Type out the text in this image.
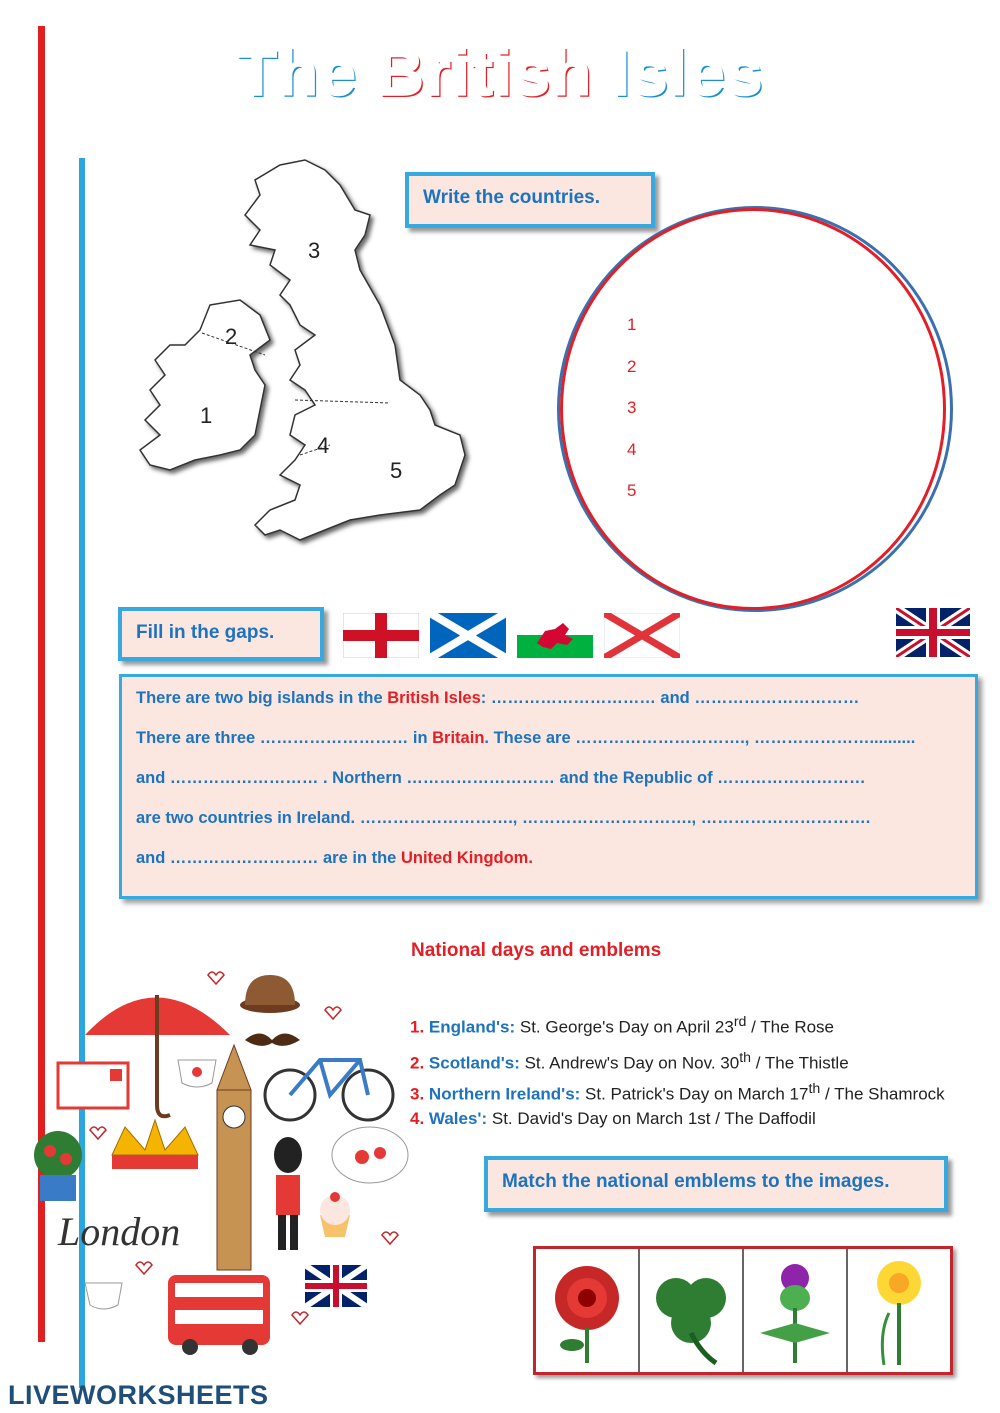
The British Isles
1
2
3
4
5
Write the countries.
1
2
3
4
5
Fill in the gaps.

There are two big islands in the British Isles: ………………………… and …………………………

There are three ……………………… in Britain. These are …………………………., …………………..........

and ……………………… . Northern ……………………… and the Republic of ………………………

are two countries in Ireland. ………………………., …………………………., ………………………….

and ……………………… are in the United Kingdom.

National days and emblems
1. England's: St. George's Day on April 23rd / The Rose
2. Scotland's: St. Andrew's Day on Nov. 30th / The Thistle
3. Northern Ireland's: St. Patrick's Day on March 17th / The Shamrock
4. Wales': St. David's Day on March 1st / The Daffodil
Match the national emblems to the images.
London
LIVEWORKSHEETS
